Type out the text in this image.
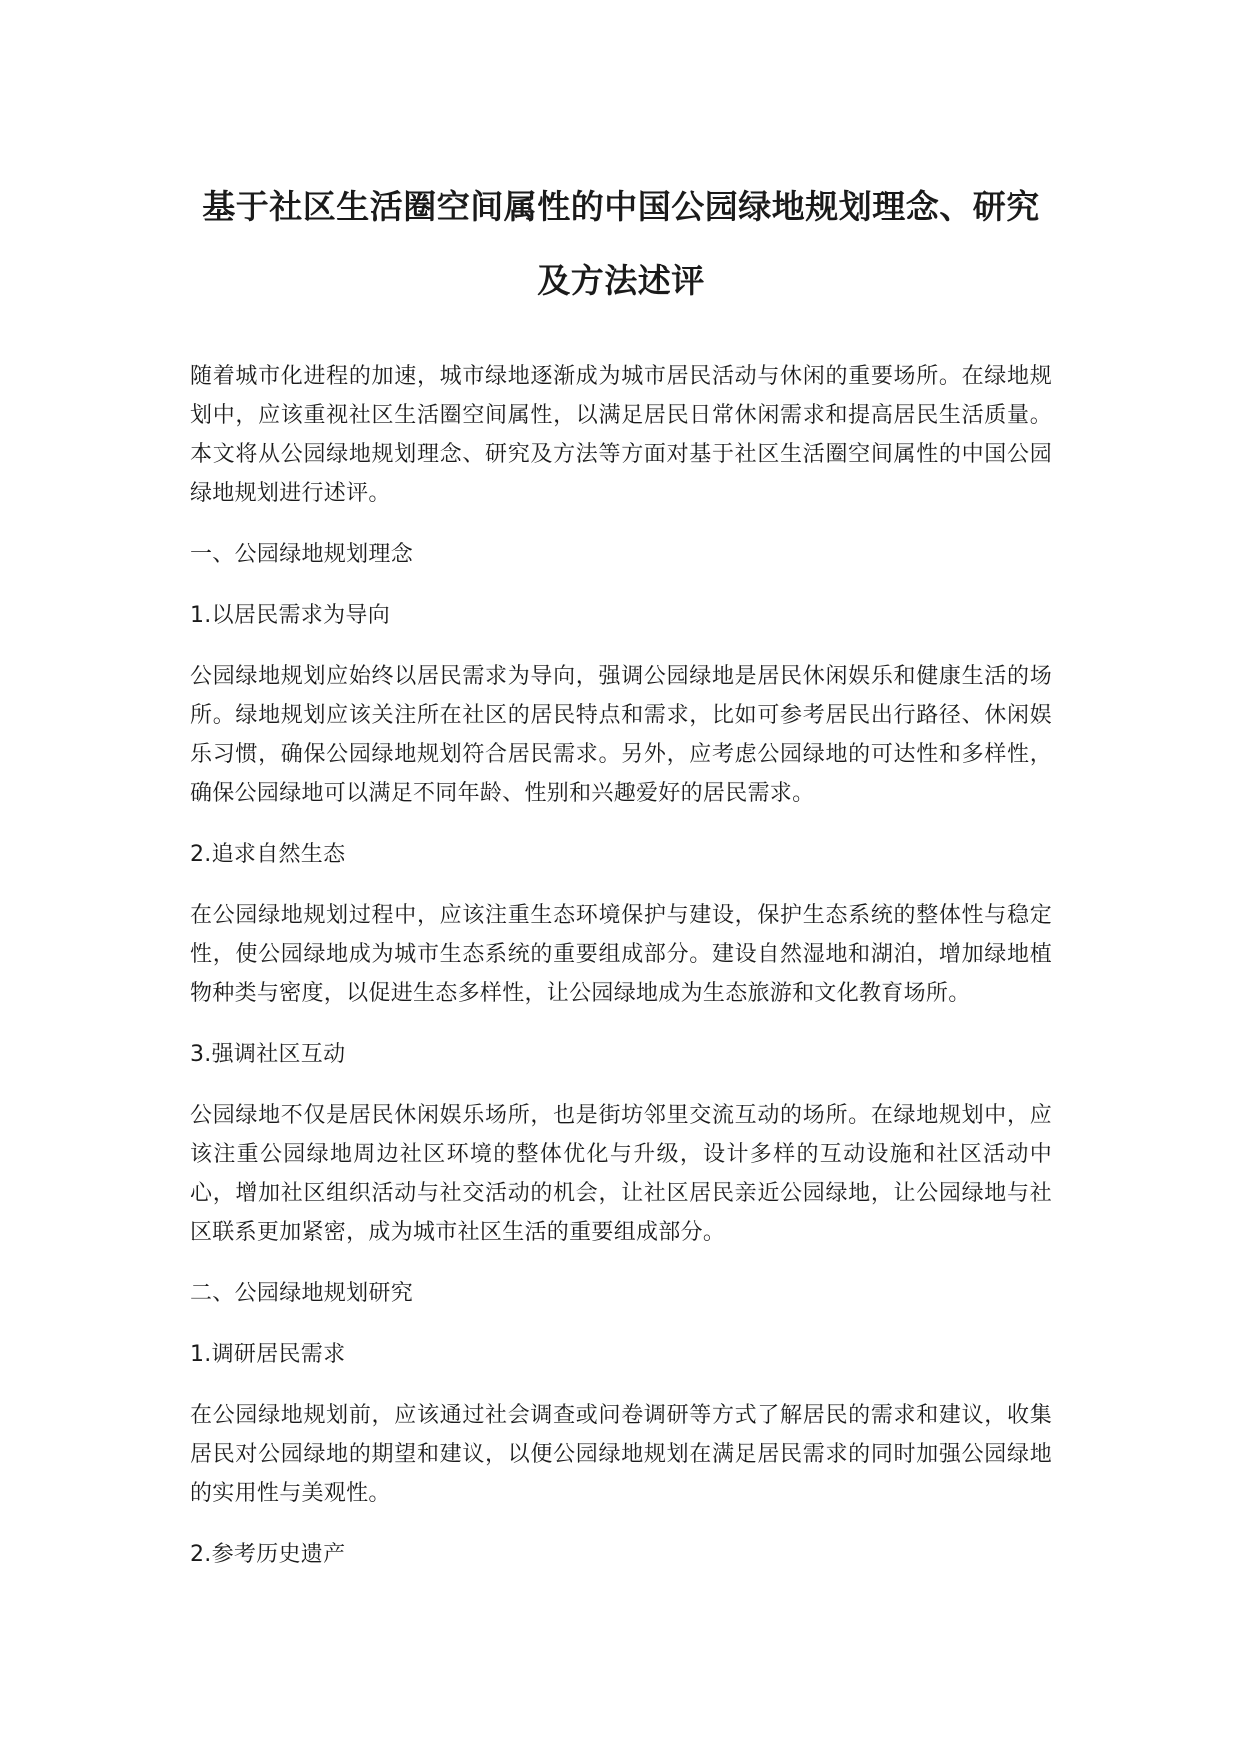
基于社区生活圈空间属性的中国公园绿地规划理念、研究
及方法述评

随着城市化进程的加速，城市绿地逐渐成为城市居民活动与休闲的重要场所。在绿地规划中，应该重视社区生活圈空间属性，以满足居民日常休闲需求和提高居民生活质量。本文将从公园绿地规划理念、研究及方法等方面对基于社区生活圈空间属性的中国公园绿地规划进行述评。

一、公园绿地规划理念

1.以居民需求为导向

公园绿地规划应始终以居民需求为导向，强调公园绿地是居民休闲娱乐和健康生活的场所。绿地规划应该关注所在社区的居民特点和需求，比如可参考居民出行路径、休闲娱乐习惯，确保公园绿地规划符合居民需求。另外，应考虑公园绿地的可达性和多样性，确保公园绿地可以满足不同年龄、性别和兴趣爱好的居民需求。

2.追求自然生态

在公园绿地规划过程中，应该注重生态环境保护与建设，保护生态系统的整体性与稳定性，使公园绿地成为城市生态系统的重要组成部分。建设自然湿地和湖泊，增加绿地植物种类与密度，以促进生态多样性，让公园绿地成为生态旅游和文化教育场所。

3.强调社区互动

公园绿地不仅是居民休闲娱乐场所，也是街坊邻里交流互动的场所。在绿地规划中，应该注重公园绿地周边社区环境的整体优化与升级，设计多样的互动设施和社区活动中心，增加社区组织活动与社交活动的机会，让社区居民亲近公园绿地，让公园绿地与社区联系更加紧密，成为城市社区生活的重要组成部分。

二、公园绿地规划研究

1.调研居民需求

在公园绿地规划前，应该通过社会调查或问卷调研等方式了解居民的需求和建议，收集居民对公园绿地的期望和建议，以便公园绿地规划在满足居民需求的同时加强公园绿地的实用性与美观性。

2.参考历史遗产
